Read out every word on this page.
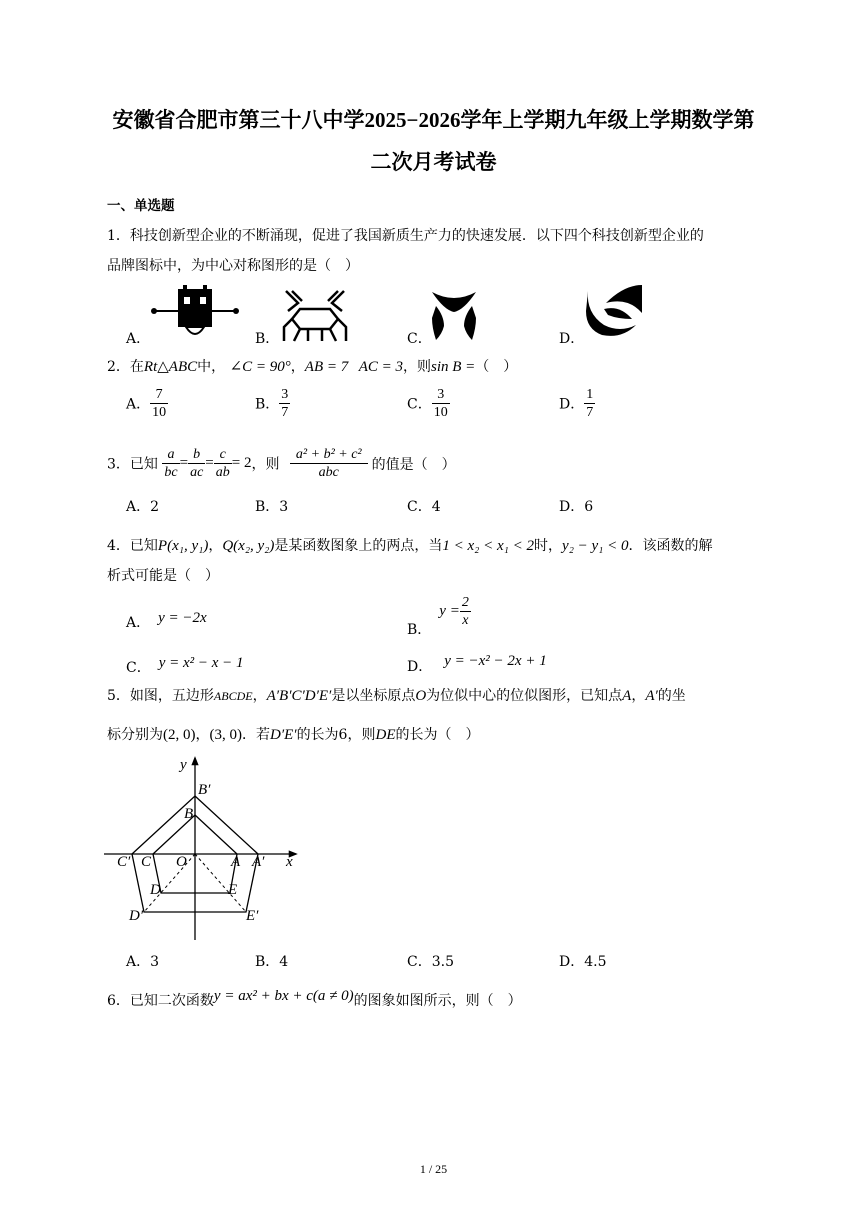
安徽省合肥市第三十八中学2025−2026学年上学期九年级上学期数学第
二次月考试卷
一、单选题
1．科技创新型企业的不断涌现，促进了我国新质生产力的快速发展．以下四个科技创新型企业的
品牌图标中，为中心对称图形的是（　）
A．	B．	C．	D．
2．在Rt△ABC中， ∠C = 90°，AB = 7 AC = 3，则sin B =（　）
A． $\frac{7}{10}$	B． $\frac{3}{7}$	C． $\frac{3}{10}$	D． $\frac{1}{7}$
3．已知 $\frac{a}{bc} = \frac{b}{ac} = \frac{c}{ab} = 2$，则 $\frac{\text{a² + b² + c²}}{\text{abc}}$ 的值是（　）
A．2	B．3	C．4	D．6
4．已知P(x₁, y₁)，Q(x₂, y₂)是某函数图象上的两点，当1 < x₂ < x₁ < 2时，y₂ − y₁ < 0．该函数的解
析式可能是（　）
A． y = −2x
B．$y = \frac{2}{x}$
C． y = x² − x − 1	D． y = −x² − 2x + 1
5．如图，五边形ABCDE，A′B′C′D′E′是以坐标原点O为位似中心的位似图形，已知点A，A′的坐
标分别为(2, 0)，(3, 0)．若D′E′的长为6，则DE的长为（　）
y
x
B′
B
C′ C O	A A′
D	E
D′	E′
A．3	B．4	C．3.5	D．4.5
6．已知二次函数y = ax² + bx + c(a ≠ 0)的图象如图所示，则（　）
1 / 25
